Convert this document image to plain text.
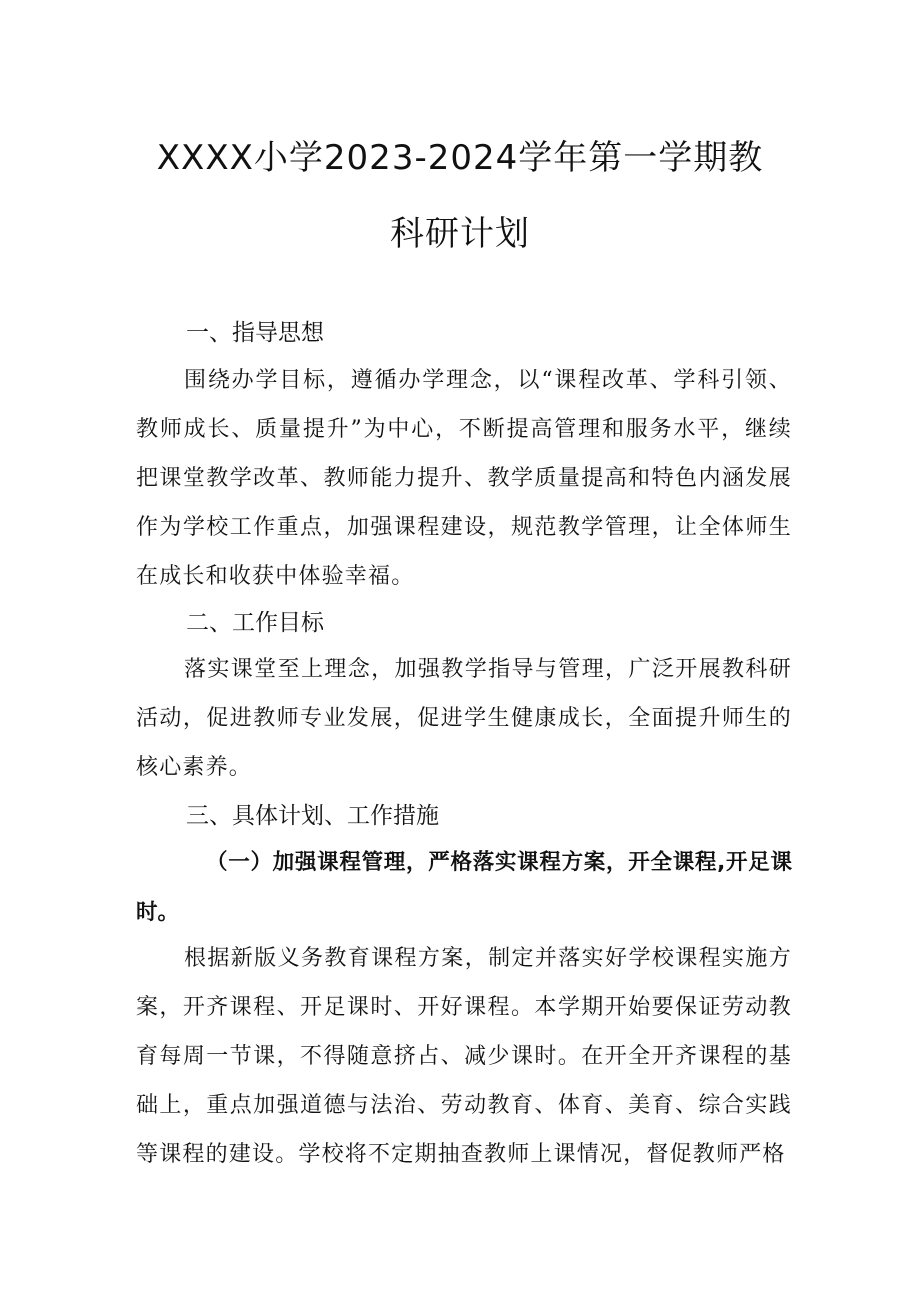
XXXX小学2023-2024学年第一学期教
科研计划
一、指导思想

围绕办学目标，遵循办学理念，以“课程改革、学科引领、教师成长、质量提升”为中心，不断提高管理和服务水平，继续把课堂教学改革、教师能力提升、教学质量提高和特色内涵发展作为学校工作重点，加强课程建设，规范教学管理，让全体师生在成长和收获中体验幸福。

二、工作目标

落实课堂至上理念，加强教学指导与管理，广泛开展教科研活动，促进教师专业发展，促进学生健康成长，全面提升师生的核心素养。

三、具体计划、工作措施

（一）加强课程管理，严格落实课程方案，开全课程,开足课时。

根据新版义务教育课程方案，制定并落实好学校课程实施方案，开齐课程、开足课时、开好课程。本学期开始要保证劳动教育每周一节课，不得随意挤占、减少课时。在开全开齐课程的基础上，重点加强道德与法治、劳动教育、体育、美育、综合实践等课程的建设。学校将不定期抽查教师上课情况，督促教师严格
